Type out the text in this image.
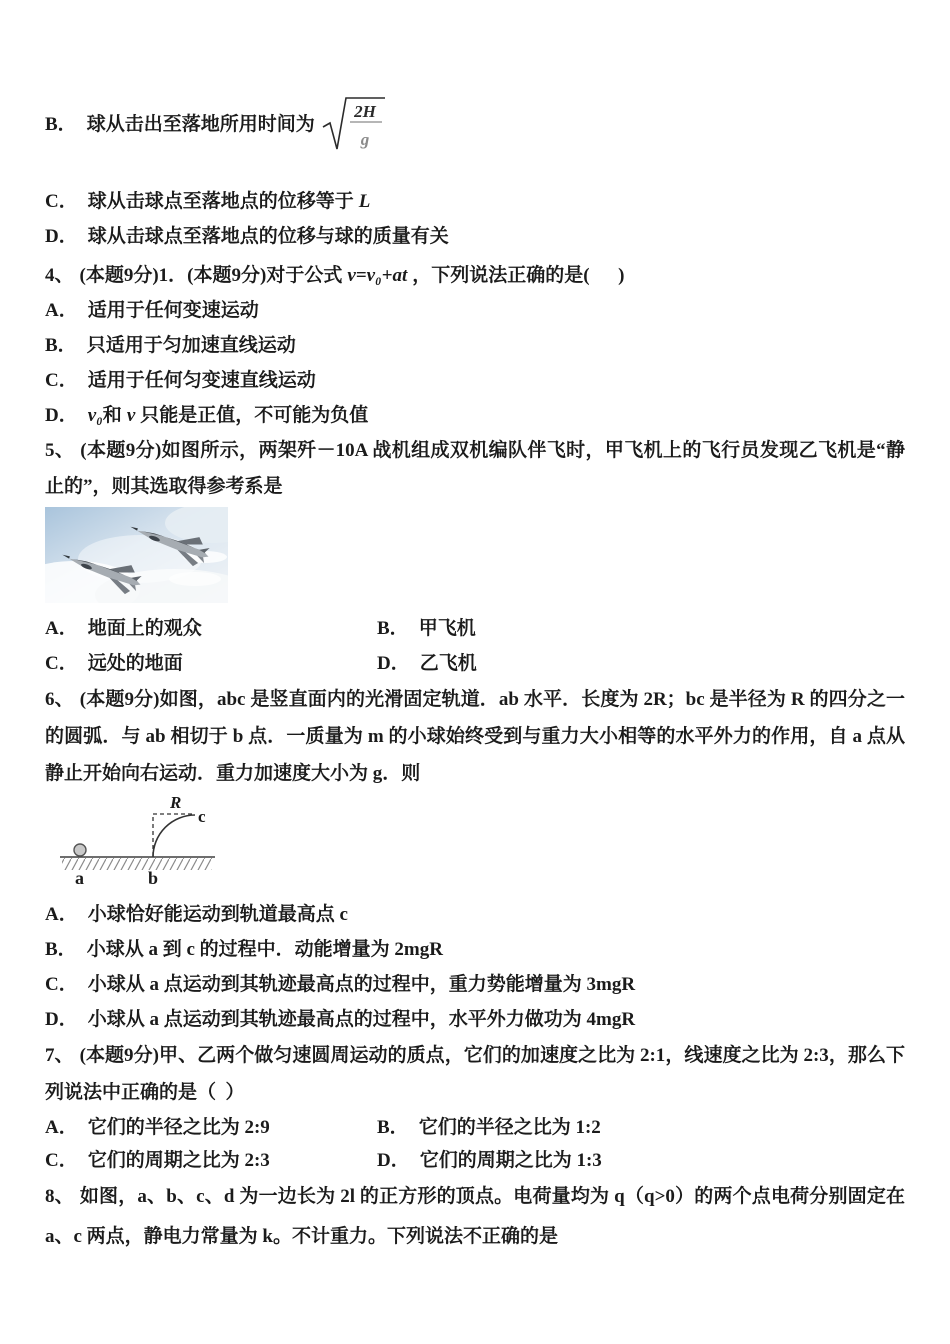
B． 球从击出至落地所用时间为
2H
g
C． 球从击球点至落地点的位移等于 L
D． 球从击球点至落地点的位移与球的质量有关
4、 (本题9分)1．(本题9分)对于公式 v=v₀+at ，下列说法正确的是(      )
A． 适用于任何变速运动
B． 只适用于匀加速直线运动
C． 适用于任何匀变速直线运动
D． v₀和 v 只能是正值，不可能为负值
5、 (本题9分)如图所示，两架歼－10A 战机组成双机编队伴飞时，甲飞机上的飞行员发现乙飞机是“静止的”，则其选取得参考系是
A． 地面上的观众	B． 甲飞机
C． 远处的地面	D． 乙飞机
6、 (本题9分)如图，abc 是竖直面内的光滑固定轨道．ab 水平．长度为 2R；bc 是半径为 R 的四分之一的圆弧．与 ab 相切于 b 点．一质量为 m 的小球始终受到与重力大小相等的水平外力的作用，自 a 点从静止开始向右运动．重力加速度大小为 g．则
R
c
a	b
A． 小球恰好能运动到轨道最高点 c
B． 小球从 a 到 c 的过程中．动能增量为 2mgR
C． 小球从 a 点运动到其轨迹最高点的过程中，重力势能增量为 3mgR
D． 小球从 a 点运动到其轨迹最高点的过程中，水平外力做功为 4mgR
7、 (本题9分)甲、乙两个做匀速圆周运动的质点，它们的加速度之比为 2:1，线速度之比为 2:3，那么下列说法中正确的是（  ）
A． 它们的半径之比为 2:9	B． 它们的半径之比为 1:2
C． 它们的周期之比为 2:3	D． 它们的周期之比为 1:3
8、 如图，a、b、c、d 为一边长为 2l 的正方形的顶点。电荷量均为 q（q>0）的两个点电荷分别固定在 a、c 两点，静电力常量为 k。不计重力。下列说法不正确的是
